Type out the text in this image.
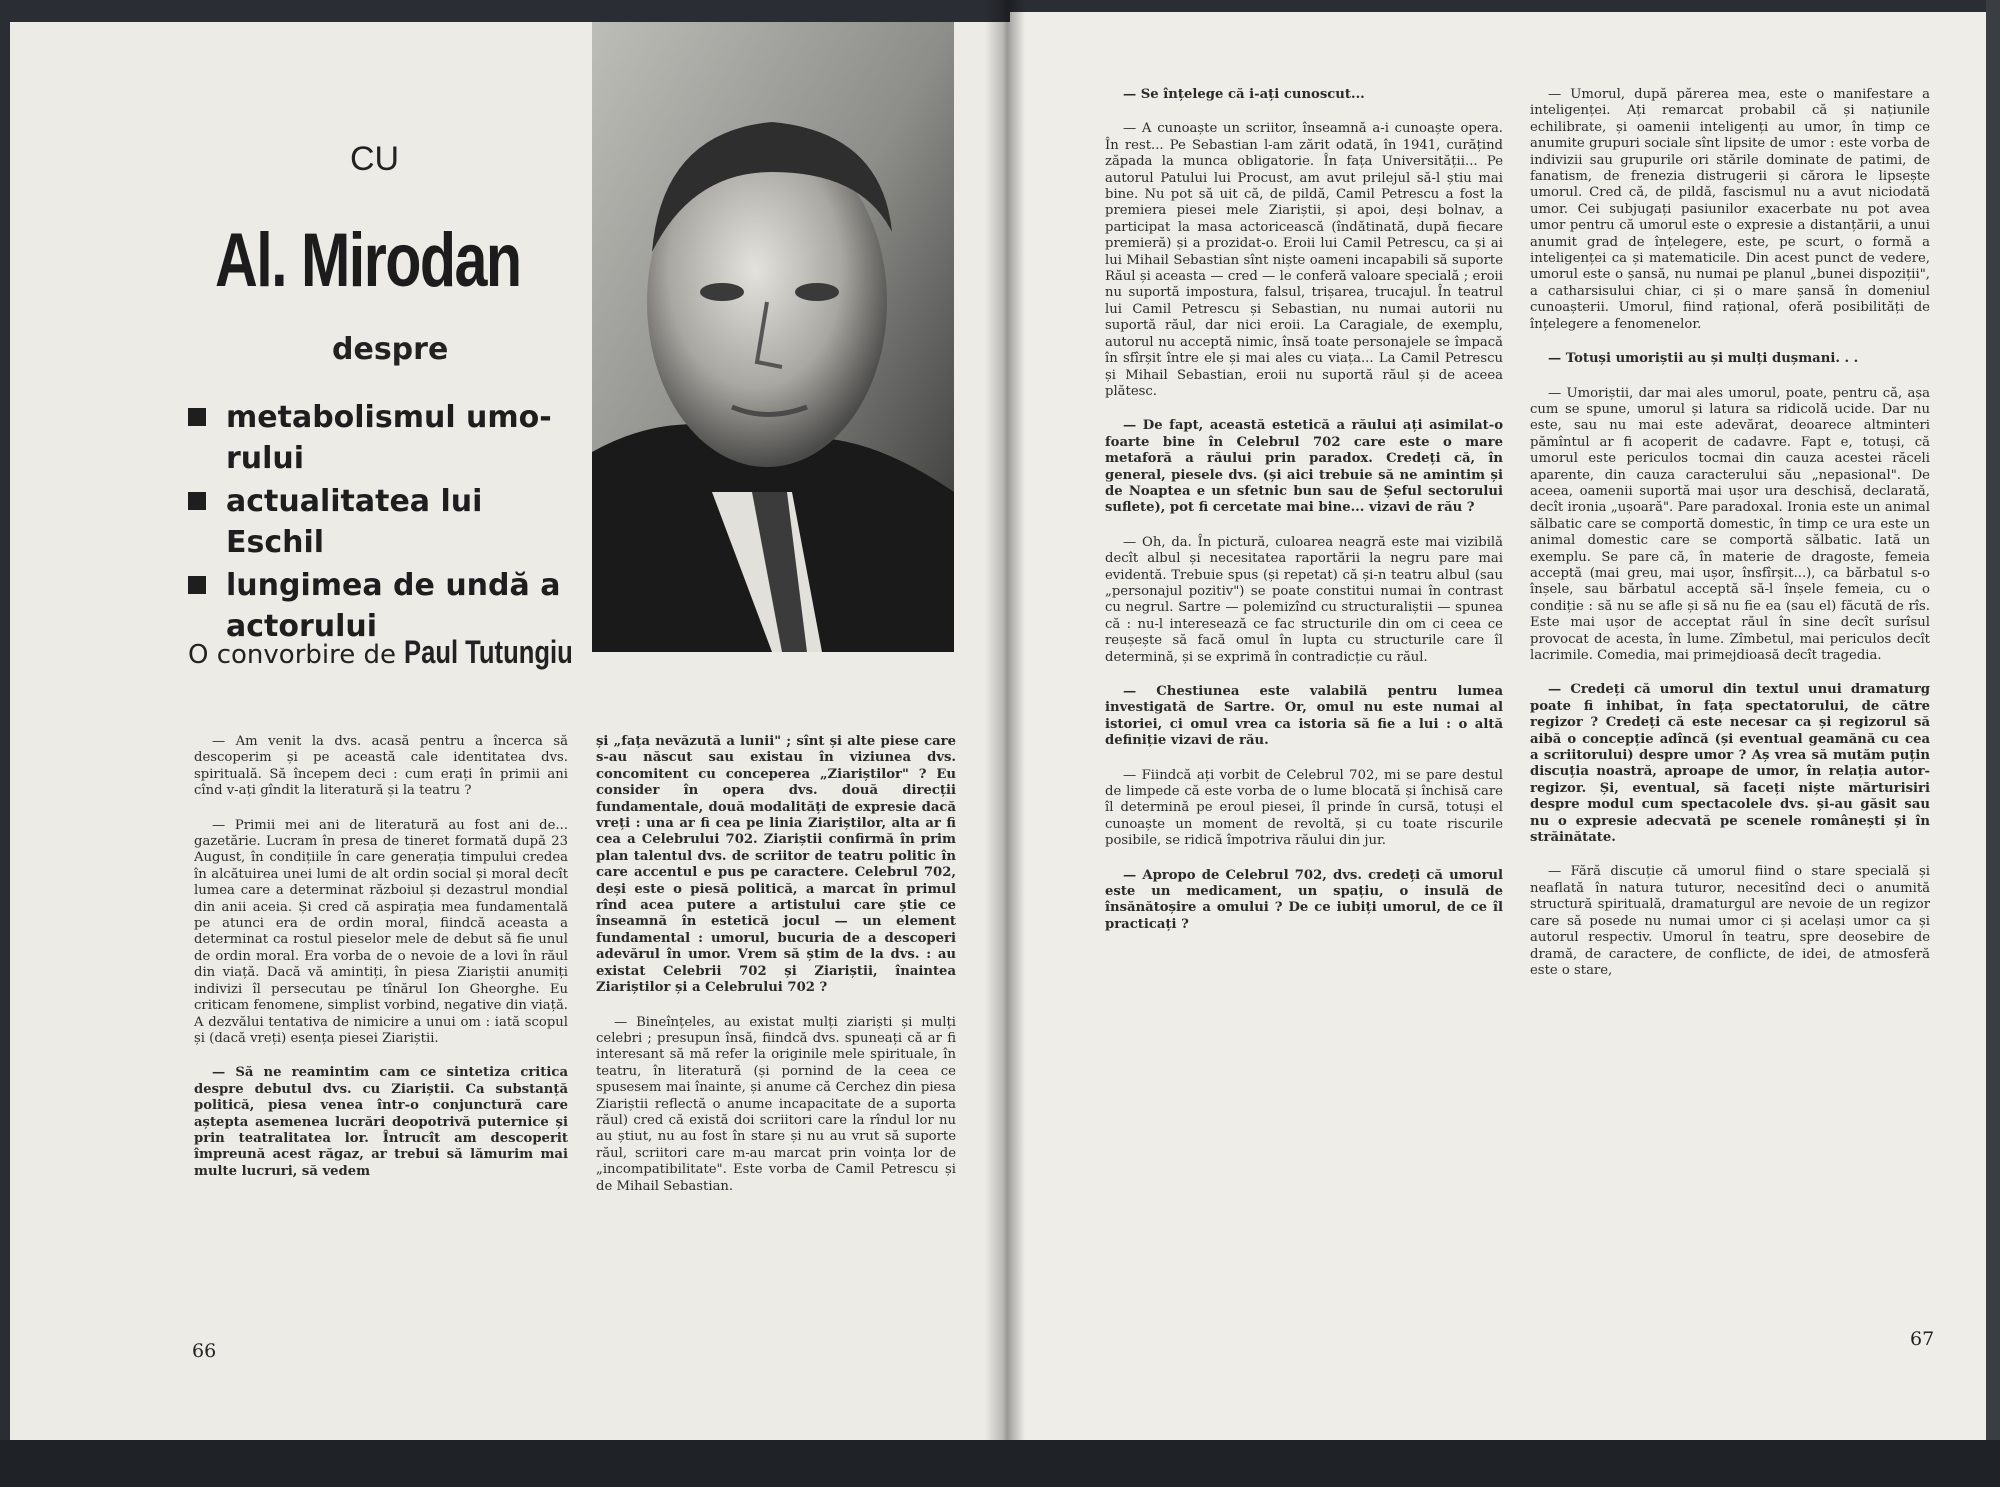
CU
Al. Mirodan
despre
metabolismul umo-rului
actualitatea lui Eschil
lungimea de undă a actorului
O convorbire de Paul Tutungiu

— Am venit la dvs. acasă pentru a încerca să descoperim și pe această cale identitatea dvs. spirituală. Să începem deci : cum erați în primii ani cînd v-ați gîndit la literatură și la teatru ?

— Primii mei ani de literatură au fost ani de... gazetărie. Lucram în presa de tineret formată după 23 August, în condițiile în care generația timpului credea în alcătuirea unei lumi de alt ordin social și moral decît lumea care a determinat războiul și dezastrul mondial din anii aceia. Și cred că aspirația mea fundamentală pe atunci era de ordin moral, fiindcă aceasta a determinat ca rostul pieselor mele de debut să fie unul de ordin moral. Era vorba de o nevoie de a lovi în răul din viață. Dacă vă amintiți, în piesa Ziariștii anumiți indivizi îl persecutau pe tînărul Ion Gheorghe. Eu criticam fenomene, simplist vorbind, negative din viață. A dezvălui tentativa de nimicire a unui om : iată scopul și (dacă vreți) esența piesei Ziariștii.

— Să ne reamintim cam ce sintetiza critica despre debutul dvs. cu Ziariștii. Ca substanță politică, piesa venea într-o conjunctură care aștepta asemenea lucrări deopotrivă puternice și prin teatralitatea lor. Întrucît am descoperit împreună acest răgaz, ar trebui să lămurim mai multe lucruri, să vedem

și „fața nevăzută a lunii" ; sînt și alte piese care s-au născut sau existau în viziunea dvs. concomitent cu conceperea „Ziariștilor" ? Eu consider în opera dvs. două direcții fundamentale, două modalități de expresie dacă vreți : una ar fi cea pe linia Ziariștilor, alta ar fi cea a Celebrului 702. Ziariștii confirmă în prim plan talentul dvs. de scriitor de teatru politic în care accentul e pus pe caractere. Celebrul 702, deși este o piesă politică, a marcat în primul rînd acea putere a artistului care știe ce înseamnă în estetică jocul — un element fundamental : umorul, bucuria de a descoperi adevărul în umor. Vrem să știm de la dvs. : au existat Celebrii 702 și Ziariștii, înaintea Ziariștilor și a Celebrului 702 ?

— Bineînțeles, au existat mulți ziariști și mulți celebri ; presupun însă, fiindcă dvs. spuneați că ar fi interesant să mă refer la originile mele spirituale, în teatru, în literatură (și pornind de la ceea ce spusesem mai înainte, și anume că Cerchez din piesa Ziariștii reflectă o anume incapacitate de a suporta răul) cred că există doi scriitori care la rîndul lor nu au știut, nu au fost în stare și nu au vrut să suporte răul, scriitori care m-au marcat prin voința lor de „incompatibilitate". Este vorba de Camil Petrescu și de Mihail Sebastian.

66

— Se înțelege că i-ați cunoscut...

— A cunoaște un scriitor, înseamnă a-i cunoaște opera. În rest... Pe Sebastian l-am zărit odată, în 1941, curățind zăpada la munca obligatorie. În fața Universității... Pe autorul Patului lui Procust, am avut prilejul să-l știu mai bine. Nu pot să uit că, de pildă, Camil Petrescu a fost la premiera piesei mele Ziariștii, și apoi, deși bolnav, a participat la masa actoricească (îndătinată, după fiecare premieră) și a prozidat-o. Eroii lui Camil Petrescu, ca și ai lui Mihail Sebastian sînt niște oameni incapabili să suporte Răul și aceasta — cred — le conferă valoare specială ; eroii nu suportă impostura, falsul, trișarea, trucajul. În teatrul lui Camil Petrescu și Sebastian, nu numai autorii nu suportă răul, dar nici eroii. La Caragiale, de exemplu, autorul nu acceptă nimic, însă toate personajele se împacă în sfîrșit între ele și mai ales cu viața... La Camil Petrescu și Mihail Sebastian, eroii nu suportă răul și de aceea plătesc.

— De fapt, această estetică a răului ați asimilat-o foarte bine în Celebrul 702 care este o mare metaforă a răului prin paradox. Credeți că, în general, piesele dvs. (și aici trebuie să ne amintim și de Noaptea e un sfetnic bun sau de Șeful sectorului suflete), pot fi cercetate mai bine... vizavi de rău ?

— Oh, da. În pictură, culoarea neagră este mai vizibilă decît albul și necesitatea raportării la negru pare mai evidentă. Trebuie spus (și repetat) că și-n teatru albul (sau „personajul pozitiv") se poate constitui numai în contrast cu negrul. Sartre — polemizînd cu structuraliștii — spunea că : nu-l interesează ce fac structurile din om ci ceea ce reușește să facă omul în lupta cu structurile care îl determină, și se exprimă în contradicție cu răul.

— Chestiunea este valabilă pentru lumea investigată de Sartre. Or, omul nu este numai al istoriei, ci omul vrea ca istoria să fie a lui : o altă definiție vizavi de rău.

— Fiindcă ați vorbit de Celebrul 702, mi se pare destul de limpede că este vorba de o lume blocată și închisă care îl determină pe eroul piesei, îl prinde în cursă, totuși el cunoaște un moment de revoltă, și cu toate riscurile posibile, se ridică împotriva răului din jur.

— Apropo de Celebrul 702, dvs. credeți că umorul este un medicament, un spațiu, o insulă de însănătoșire a omului ? De ce iubiți umorul, de ce îl practicați ?

— Umorul, după părerea mea, este o manifestare a inteligenței. Ați remarcat probabil că și națiunile echilibrate, și oamenii inteligenți au umor, în timp ce anumite grupuri sociale sînt lipsite de umor : este vorba de indivizii sau grupurile ori stările dominate de patimi, de fanatism, de frenezia distrugerii și cărora le lipsește umorul. Cred că, de pildă, fascismul nu a avut niciodată umor. Cei subjugați pasiunilor exacerbate nu pot avea umor pentru că umorul este o expresie a distanțării, a unui anumit grad de înțelegere, este, pe scurt, o formă a inteligenței ca și matematicile. Din acest punct de vedere, umorul este o șansă, nu numai pe planul „bunei dispoziții", a catharsisului chiar, ci și o mare șansă în domeniul cunoașterii. Umorul, fiind rațional, oferă posibilități de înțelegere a fenomenelor.

— Totuși umoriștii au și mulți dușmani. . .

— Umoriștii, dar mai ales umorul, poate, pentru că, așa cum se spune, umorul și latura sa ridicolă ucide. Dar nu este, sau nu mai este adevărat, deoarece altminteri pămîntul ar fi acoperit de cadavre. Fapt e, totuși, că umorul este periculos tocmai din cauza acestei răceli aparente, din cauza caracterului său „nepasional". De aceea, oamenii suportă mai ușor ura deschisă, declarată, decît ironia „ușoară". Pare paradoxal. Ironia este un animal sălbatic care se comportă domestic, în timp ce ura este un animal domestic care se comportă sălbatic. Iată un exemplu. Se pare că, în materie de dragoste, femeia acceptă (mai greu, mai ușor, însfîrșit...), ca bărbatul s-o înșele, sau bărbatul acceptă să-l înșele femeia, cu o condiție : să nu se afle și să nu fie ea (sau el) făcută de rîs. Este mai ușor de acceptat răul în sine decît surîsul provocat de acesta, în lume. Zîmbetul, mai periculos decît lacrimile. Comedia, mai primejdioasă decît tragedia.

— Credeți că umorul din textul unui dramaturg poate fi inhibat, în fața spectatorului, de către regizor ? Credeți că este necesar ca și regizorul să aibă o concepție adîncă (și eventual geamănă cu cea a scriitorului) despre umor ? Aș vrea să mutăm puțin discuția noastră, aproape de umor, în relația autor-regizor. Și, eventual, să faceți niște mărturisiri despre modul cum spectacolele dvs. și-au găsit sau nu o expresie adecvată pe scenele românești și în străinătate.

— Fără discuție că umorul fiind o stare specială și neaflată în natura tuturor, necesitînd deci o anumită structură spirituală, dramaturgul are nevoie de un regizor care să posede nu numai umor ci și același umor ca și autorul respectiv. Umorul în teatru, spre deosebire de dramă, de caractere, de conflicte, de idei, de atmosferă este o stare,

67
